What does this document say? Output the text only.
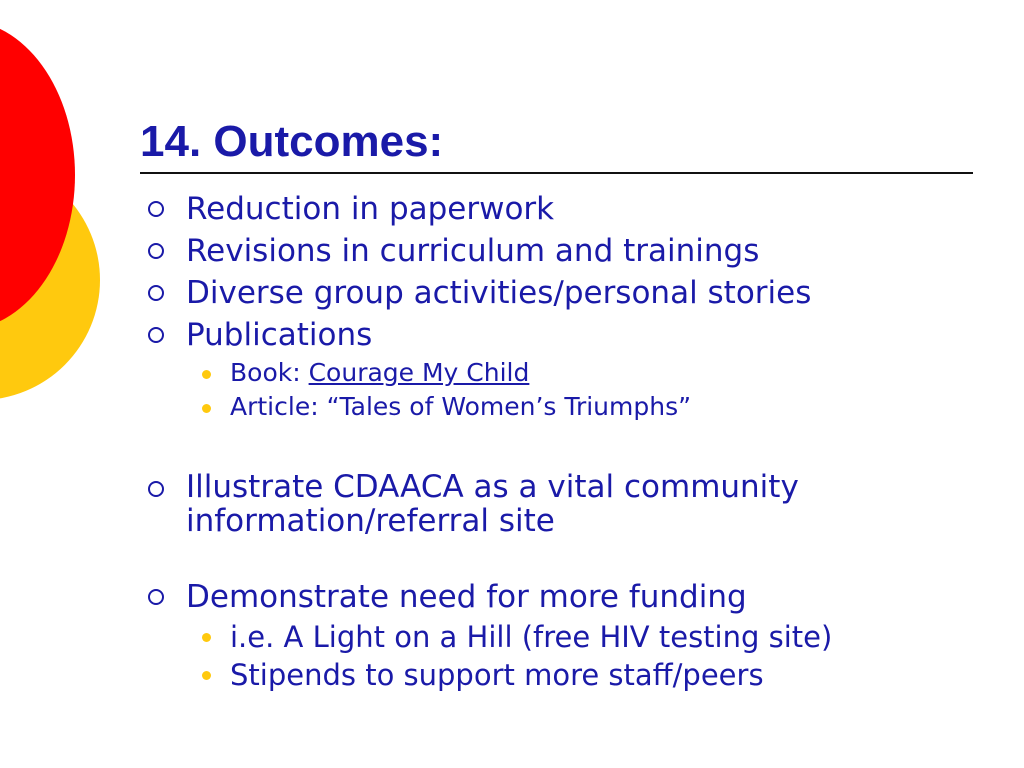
14. Outcomes:
Reduction in paperwork
Revisions in curriculum and trainings
Diverse group activities/personal stories
Publications
Book: Courage My Child
Article: “Tales of Women’s Triumphs”
Illustrate CDAACA as a vital community information/referral site
Demonstrate need for more funding
i.e. A Light on a Hill (free HIV testing site)
Stipends to support more staff/peers
